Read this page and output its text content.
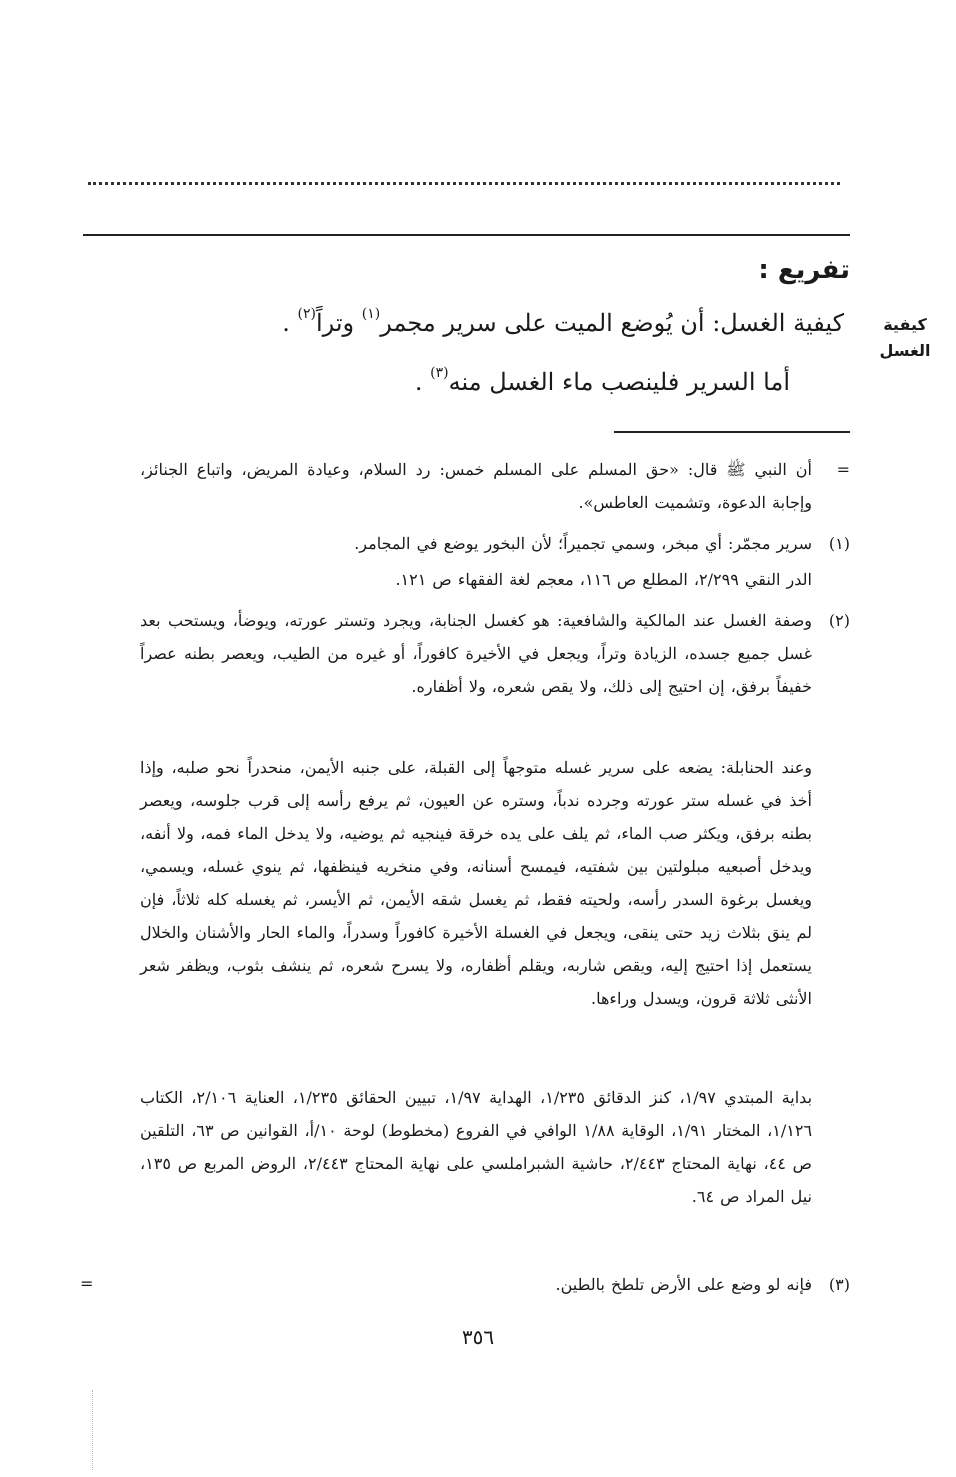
تفريع :
كيفية
الغسل
كيفية الغسل: أن يُوضع الميت على سرير مجمر$^{(١)}$ وتراً$^{(٢)}$ .
أما السرير فلينصب ماء الغسل منه$^{(٣)}$ .
=
أن النبي ﷺ قال: «حق المسلم على المسلم خمس: رد السلام، وعيادة المريض، واتباع الجنائز، وإجابة الدعوة، وتشميت العاطس».
(١)
سرير مجمّر: أي مبخر، وسمي تجميراً؛ لأن البخور يوضع في المجامر.
الدر النقي ٢/٢٩٩، المطلع ص ١١٦، معجم لغة الفقهاء ص ١٢١.
(٢)
وصفة الغسل عند المالكية والشافعية: هو كغسل الجنابة، ويجرد وتستر عورته، ويوضأ، ويستحب بعد غسل جميع جسده، الزيادة وتراً، ويجعل في الأخيرة كافوراً، أو غيره من الطيب، ويعصر بطنه عصراً خفيفاً برفق، إن احتيج إلى ذلك، ولا يقص شعره، ولا أظفاره.
وعند الحنابلة: يضعه على سرير غسله متوجهاً إلى القبلة، على جنبه الأيمن، منحدراً نحو صلبه، وإذا أخذ في غسله ستر عورته وجرده ندباً، وستره عن العيون، ثم يرفع رأسه إلى قرب جلوسه، ويعصر بطنه برفق، ويكثر صب الماء، ثم يلف على يده خرقة فينجيه ثم يوضيه، ولا يدخل الماء فمه، ولا أنفه، ويدخل أصبعيه مبلولتين بين شفتيه، فيمسح أسنانه، وفي منخريه فينظفها، ثم ينوي غسله، ويسمي، ويغسل برغوة السدر رأسه، ولحيته فقط، ثم يغسل شقه الأيمن، ثم الأيسر، ثم يغسله كله ثلاثاً، فإن لم ينق بثلاث زيد حتى ينقى، ويجعل في الغسلة الأخيرة كافوراً وسدراً، والماء الحار والأشنان والخلال يستعمل إذا احتيج إليه، ويقص شاربه، ويقلم أظفاره، ولا يسرح شعره، ثم ينشف بثوب، ويظفر شعر الأنثى ثلاثة قرون، ويسدل وراءها.
بداية المبتدي ١/٩٧، كنز الدقائق ١/٢٣٥، الهداية ١/٩٧، تبيين الحقائق ١/٢٣٥، العناية ٢/١٠٦، الكتاب ١/١٢٦، المختار ١/٩١، الوقاية ١/٨٨ الوافي في الفروع (مخطوط) لوحة ١٠/أ، القوانين ص ٦٣، التلقين ص ٤٤، نهاية المحتاج ٢/٤٤٣، حاشية الشبراملسي على نهاية المحتاج ٢/٤٤٣، الروض المربع ص ١٣٥، نيل المراد ص ٦٤.
(٣)
فإنه لو وضع على الأرض تلطخ بالطين.
=
٣٥٦
